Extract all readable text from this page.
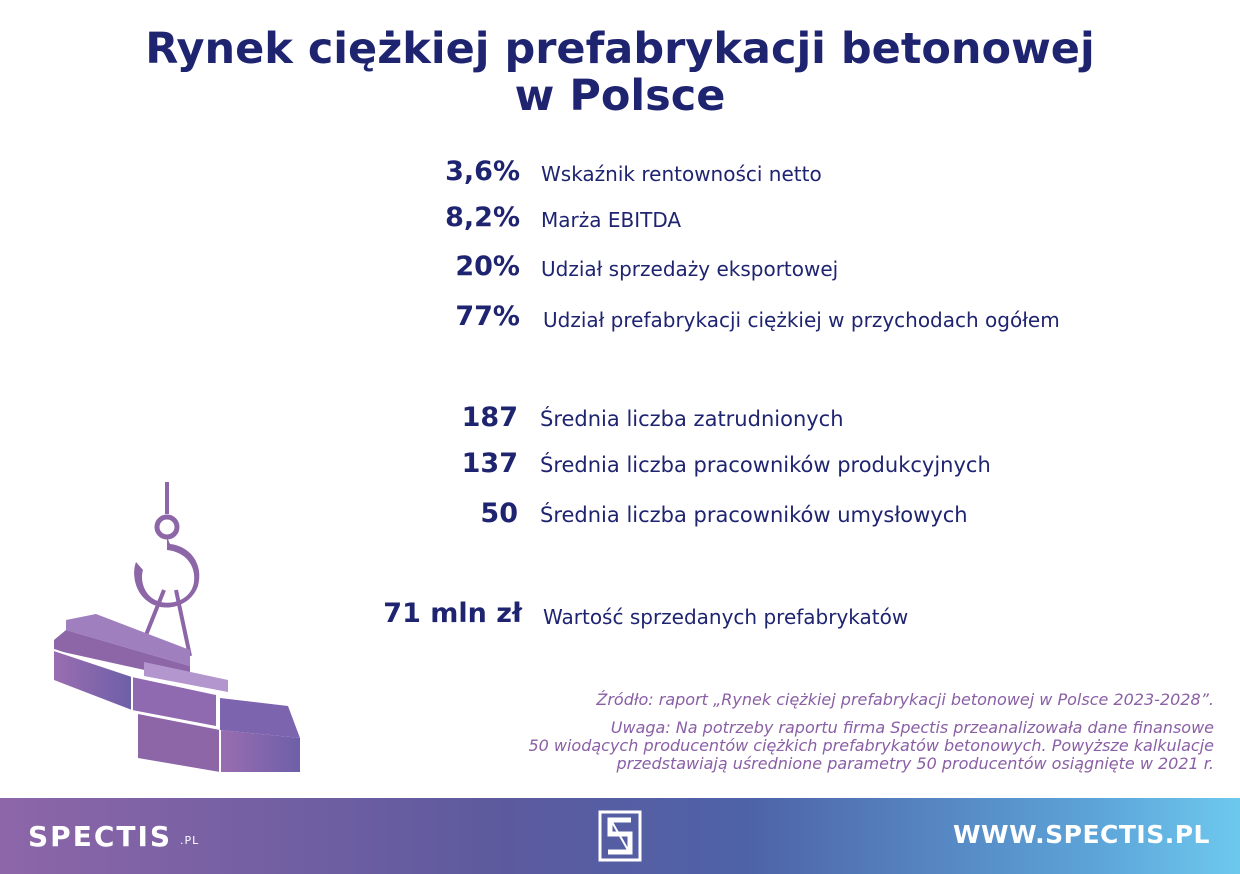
Rynek ciężkiej prefabrykacji betonowej
w Polsce
3,6% Wskaźnik rentowności netto
8,2% Marża EBITDA
20% Udział sprzedaży eksportowej
77% Udział prefabrykacji ciężkiej w przychodach ogółem
187 Średnia liczba zatrudnionych
137 Średnia liczba pracowników produkcyjnych
50 Średnia liczba pracowników umysłowych
71 mln zł Wartość sprzedanych prefabrykatów
Źródło: raport „Rynek ciężkiej prefabrykacji betonowej w Polsce 2023-2028”.
Uwaga: Na potrzeby raportu firma Spectis przeanalizowała dane finansowe
50 wiodących producentów ciężkich prefabrykatów betonowych. Powyższe kalkulacje
przedstawiają uśrednione parametry 50 producentów osiągnięte w 2021 r.
SPECTIS .PL	WWW.SPECTIS.PL
